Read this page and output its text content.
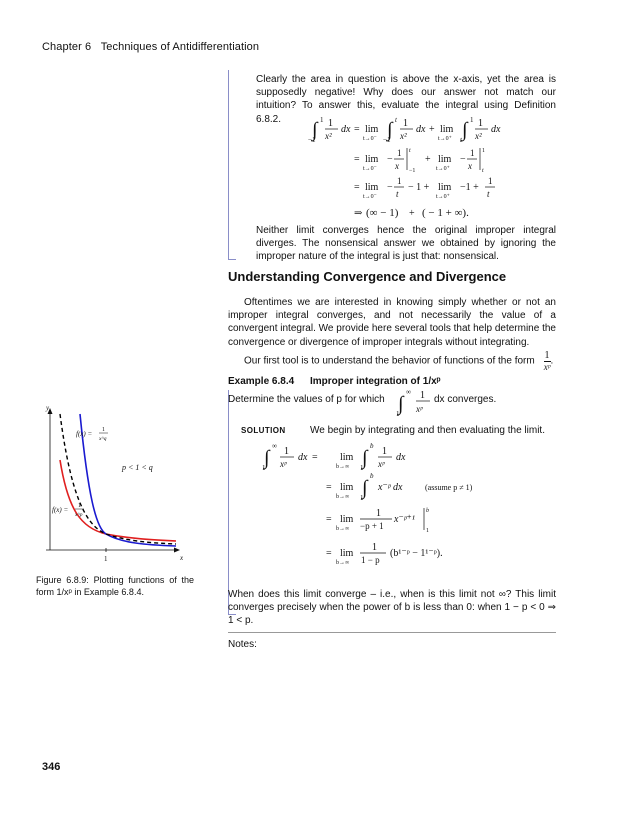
Chapter 6 Techniques of Antidifferentiation
Clearly the area in question is above the x-axis, yet the area is supposedly negative! Why does our answer not match our intuition? To answer this, evaluate the integral using Definition 6.8.2.	∫ 1
−1
1
x²
dx = lim
t→0⁻ ∫ t
−1
1
x²
dx + lim
t→0⁺ ∫ 1
t
1
x²
dx
= lim
t→0⁻
−
1
x
t
−1
+ lim
t→0⁺
−
1
x
1
t
= lim
t→0⁻
−
1
t
− 1 + lim
t→0⁺
−1 +
1
t
⇒ (∞ − 1) + ( − 1 + ∞).
Neither limit converges hence the original improper integral diverges. The nonsensical answer we obtained by ignoring the improper nature of the integral is just that: nonsensical.
Understanding Convergence and Divergence
Oftentimes we are interested in knowing simply whether or not an improper integral converges, and not necessarily the value of a convergent integral. We provide here several tools that help determine the convergence or divergence of improper integrals without integrating.
Our first tool is to understand the behavior of functions of the form $\frac{1}{\text{xᵖ}}$ .
Example 6.8.4 Improper integration of 1/xᵖ
Determine the values of p for which ∫
∞
1
1
xᵖ
dx converges.
SOLUTION We begin by integrating and then evaluating the limit.
∫
∞
1
1
xᵖ
dx = lim
b→∞ ∫
b
1
1
xᵖ
dx
= lim
b→∞ ∫
b
1
x⁻ᵖ dx	(assume p ≠ 1)
= lim
b→∞
1
−p + 1
x⁻ᵖ⁺¹
b
1
= lim
b→∞
1
1 − p
(b¹⁻ᵖ − 1¹⁻ᵖ).
When does this limit converge – i.e., when is this limit not ∞? This limit converges precisely when the power of b is less than 0: when 1 − p < 0 ⇒ 1 < p.
y
x
1
f(x) = 1
x^q
p < 1 < q
f(x) = 1
x^p
Figure 6.8.9: Plotting functions of the form 1/xᵖ in Example 6.8.4.
Notes:
346
